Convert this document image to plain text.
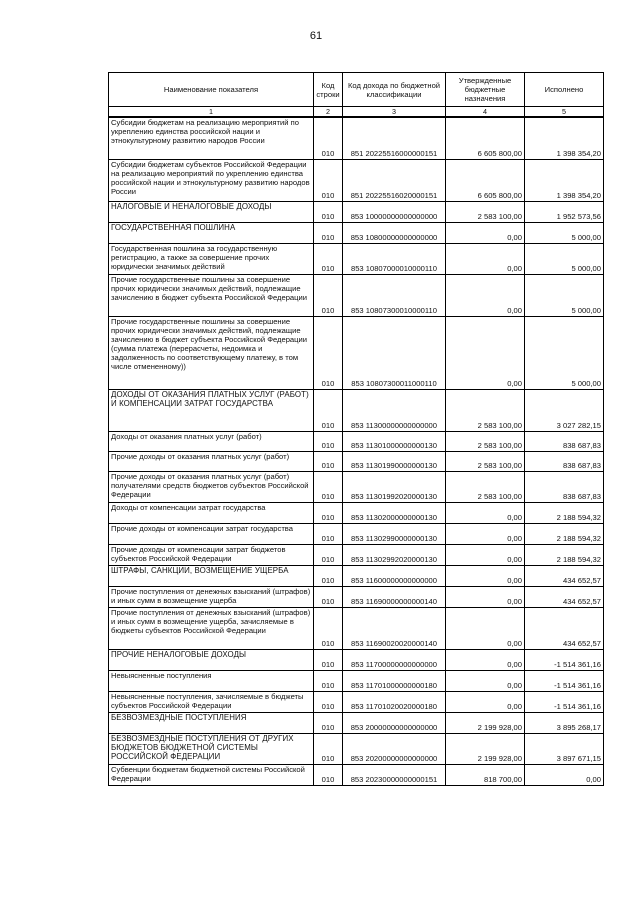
61
Наименование показателя	Код строки	Код дохода по бюджетной классификации	Утвержденные бюджетные назначения	Исполнено
1	2	3	4	5
Субсидии бюджетам на реализацию мероприятий по укреплению единства российской нации и этнокультурному развитию народов России	010	851 20225516000000151	6 605 800,00	1 398 354,20
Субсидии бюджетам субъектов Российской Федерации на реализацию мероприятий по укреплению единства российской нации и этнокультурному развитию народов России	010	851 20225516020000151	6 605 800,00	1 398 354,20
НАЛОГОВЫЕ И НЕНАЛОГОВЫЕ ДОХОДЫ	010	853 10000000000000000	2 583 100,00	1 952 573,56
ГОСУДАРСТВЕННАЯ ПОШЛИНА	010	853 10800000000000000	0,00	5 000,00
Государственная пошлина за государственную регистрацию, а также за совершение прочих юридически значимых действий	010	853 10807000010000110	0,00	5 000,00
Прочие государственные пошлины за совершение прочих юридически значимых действий, подлежащие зачислению в бюджет субъекта Российской Федерации	010	853 10807300010000110	0,00	5 000,00
Прочие государственные пошлины за совершение прочих юридически значимых действий, подлежащие зачислению в бюджет субъекта Российской Федерации (сумма платежа (перерасчеты, недоимка и задолженность по соответствующему платежу, в том числе отмененному))	010	853 10807300011000110	0,00	5 000,00
ДОХОДЫ ОТ ОКАЗАНИЯ ПЛАТНЫХ УСЛУГ (РАБОТ) И КОМПЕНСАЦИИ ЗАТРАТ ГОСУДАРСТВА	010	853 11300000000000000	2 583 100,00	3 027 282,15
Доходы от оказания платных услуг (работ)	010	853 11301000000000130	2 583 100,00	838 687,83
Прочие доходы от оказания платных услуг (работ)	010	853 11301990000000130	2 583 100,00	838 687,83
Прочие доходы от оказания платных услуг (работ) получателями средств бюджетов субъектов Российской Федерации	010	853 11301992020000130	2 583 100,00	838 687,83
Доходы от компенсации затрат государства	010	853 11302000000000130	0,00	2 188 594,32
Прочие доходы от компенсации затрат государства	010	853 11302990000000130	0,00	2 188 594,32
Прочие доходы от компенсации затрат бюджетов субъектов Российской Федерации	010	853 11302992020000130	0,00	2 188 594,32
ШТРАФЫ, САНКЦИИ, ВОЗМЕЩЕНИЕ УЩЕРБА	010	853 11600000000000000	0,00	434 652,57
Прочие поступления от денежных взысканий (штрафов) и иных сумм в возмещение ущерба	010	853 11690000000000140	0,00	434 652,57
Прочие поступления от денежных взысканий (штрафов) и иных сумм в возмещение ущерба, зачисляемые в бюджеты субъектов Российской Федерации	010	853 11690020020000140	0,00	434 652,57
ПРОЧИЕ НЕНАЛОГОВЫЕ ДОХОДЫ	010	853 11700000000000000	0,00	-1 514 361,16
Невыясненные поступления	010	853 11701000000000180	0,00	-1 514 361,16
Невыясненные поступления, зачисляемые в бюджеты субъектов Российской Федерации	010	853 11701020020000180	0,00	-1 514 361,16
БЕЗВОЗМЕЗДНЫЕ ПОСТУПЛЕНИЯ	010	853 20000000000000000	2 199 928,00	3 895 268,17
БЕЗВОЗМЕЗДНЫЕ ПОСТУПЛЕНИЯ ОТ ДРУГИХ БЮДЖЕТОВ БЮДЖЕТНОЙ СИСТЕМЫ РОССИЙСКОЙ ФЕДЕРАЦИИ	010	853 20200000000000000	2 199 928,00	3 897 671,15
Субвенции бюджетам бюджетной системы Российской Федерации	010	853 20230000000000151	818 700,00	0,00
